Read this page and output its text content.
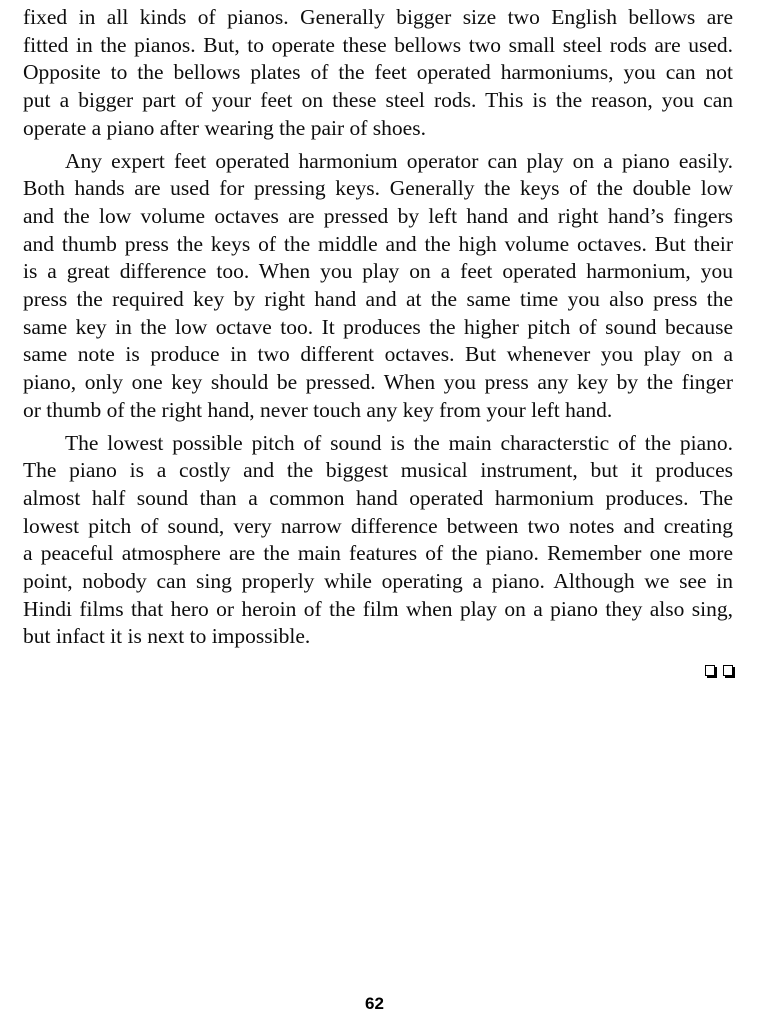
fixed in all kinds of pianos. Generally bigger size two English bellows are
fitted in the pianos. But, to operate these bellows two small steel rods are used.
Opposite to the bellows plates of the feet operated harmoniums, you can not
put a bigger part of your feet on these steel rods. This is the reason, you can
operate a piano after wearing the pair of shoes.
Any expert feet operated harmonium operator can play on a piano easily.
Both hands are used for pressing keys. Generally the keys of the double low
and the low volume octaves are pressed by left hand and right hand’s fingers
and thumb press the keys of the middle and the high volume octaves. But their
is a great difference too. When you play on a feet operated harmonium, you
press the required key by right hand and at the same time you also press the
same key in the low octave too. It produces the higher pitch of sound because
same note is produce in two different octaves. But whenever you play on a
piano, only one key should be pressed. When you press any key by the finger
or thumb of the right hand, never touch any key from your left hand.
The lowest possible pitch of sound is the main characterstic of the piano.
The piano is a costly and the biggest musical instrument, but it produces
almost half sound than a common hand operated harmonium produces. The
lowest pitch of sound, very narrow difference between two notes and creating
a peaceful atmosphere are the main features of the piano. Remember one more
point, nobody can sing properly while operating a piano. Although we see in
Hindi films that hero or heroin of the film when play on a piano they also sing,
but infact it is next to impossible.
62
